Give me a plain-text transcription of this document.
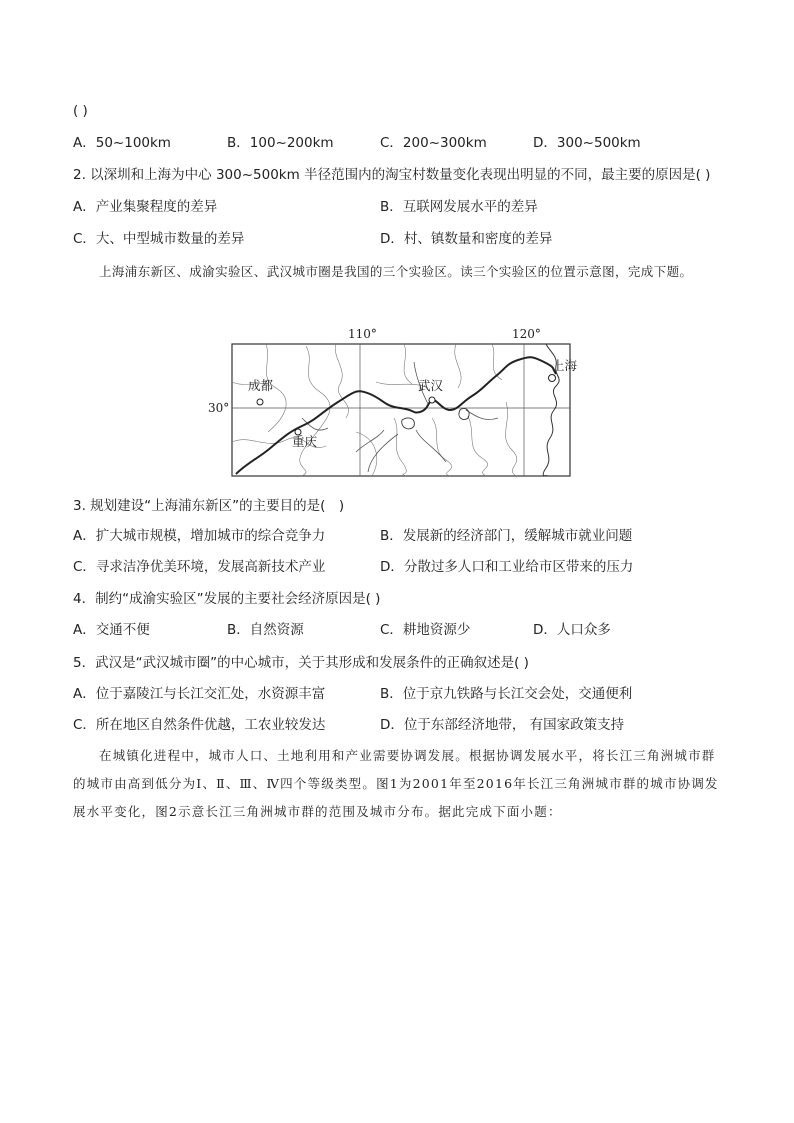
( )
A．50~100km	B．100~200km	C．200~300km	D．300~500km
2. 以深圳和上海为中心 300~500km 半径范围内的淘宝村数量变化表现出明显的不同，最主要的原因是( )
A．产业集聚程度的差异	B．互联网发展水平的差异
C．大、中型城市数量的差异	D．村、镇数量和密度的差异
上海浦东新区、成渝实验区、武汉城市圈是我国的三个实验区。读三个实验区的位置示意图，完成下题。
110°	120°
30°
成都
重庆
武汉
上海
3. 规划建设“上海浦东新区”的主要目的是(　)
A．扩大城市规模，增加城市的综合竞争力	B．发展新的经济部门，缓解城市就业问题
C．寻求洁净优美环境，发展高新技术产业	D．分散过多人口和工业给市区带来的压力
4．制约“成渝实验区”发展的主要社会经济原因是( )
A．交通不便	B．自然资源	C．耕地资源少	D．人口众多
5．武汉是“武汉城市圈”的中心城市，关于其形成和发展条件的正确叙述是( )
A．位于嘉陵江与长江交汇处，水资源丰富	B．位于京九铁路与长江交会处，交通便利
C．所在地区自然条件优越，工农业较发达	D．位于东部经济地带， 有国家政策支持
在城镇化进程中，城市人口、土地利用和产业需要协调发展。根据协调发展水平，将长江三角洲城市群的城市由高到低分为Ⅰ、Ⅱ、Ⅲ、Ⅳ四个等级类型。图1为2001年至2016年长江三角洲城市群的城市协调发展水平变化，图2示意长江三角洲城市群的范围及城市分布。据此完成下面小题：
